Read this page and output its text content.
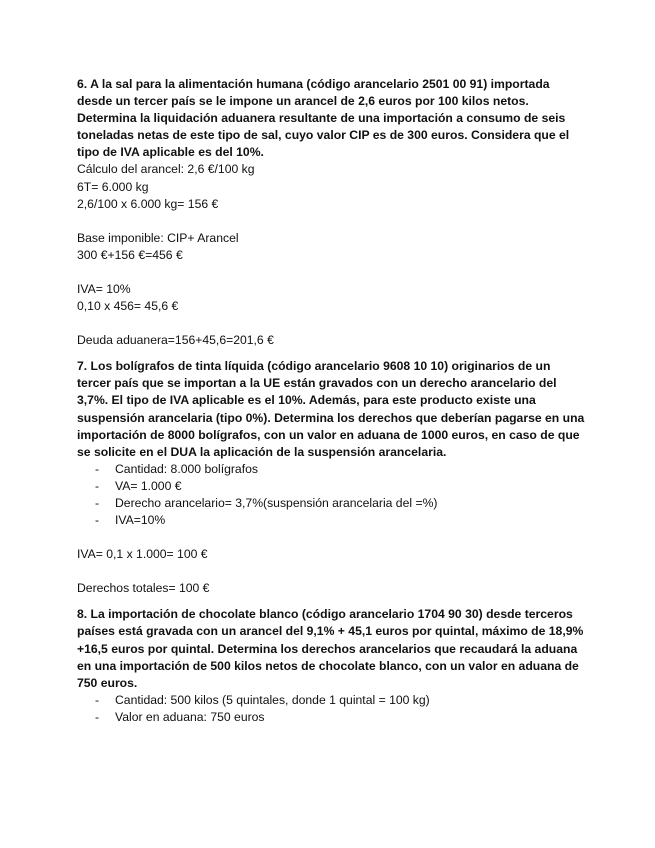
6. A la sal para la alimentación humana (código arancelario 2501 00 91) importada desde un tercer país se le impone un arancel de 2,6 euros por 100 kilos netos. Determina la liquidación aduanera resultante de una importación a consumo de seis toneladas netas de este tipo de sal, cuyo valor CIP es de 300 euros. Considera que el tipo de IVA aplicable es del 10%.

Cálculo del arancel: 2,6 €/100 kg

6T= 6.000 kg

2,6/100 x 6.000 kg= 156 €

Base imponible: CIP+ Arancel

300 €+156 €=456 €

IVA= 10%

0,10 x 456= 45,6 €

Deuda aduanera=156+45,6=201,6 €

7. Los bolígrafos de tinta líquida (código arancelario 9608 10 10) originarios de un tercer país que se importan a la UE están gravados con un derecho arancelario del 3,7%. El tipo de IVA aplicable es el 10%. Además, para este producto existe una suspensión arancelaria (tipo 0%). Determina los derechos que deberían pagarse en una importación de 8000 bolígrafos, con un valor en aduana de 1000 euros, en caso de que se solicite en el DUA la aplicación de la suspensión arancelaria.

- Cantidad: 8.000 bolígrafos
- VA= 1.000 €
- Derecho arancelario= 3,7%(suspensión arancelaria del =%)
- IVA=10%

IVA= 0,1 x 1.000= 100 €

Derechos totales= 100 €

8. La importación de chocolate blanco (código arancelario 1704 90 30) desde terceros países está gravada con un arancel del 9,1% + 45,1 euros por quintal, máximo de 18,9% +16,5 euros por quintal. Determina los derechos arancelarios que recaudará la aduana en una importación de 500 kilos netos de chocolate blanco, con un valor en aduana de 750 euros.

- Cantidad: 500 kilos (5 quintales, donde 1 quintal = 100 kg)
- Valor en aduana: 750 euros
